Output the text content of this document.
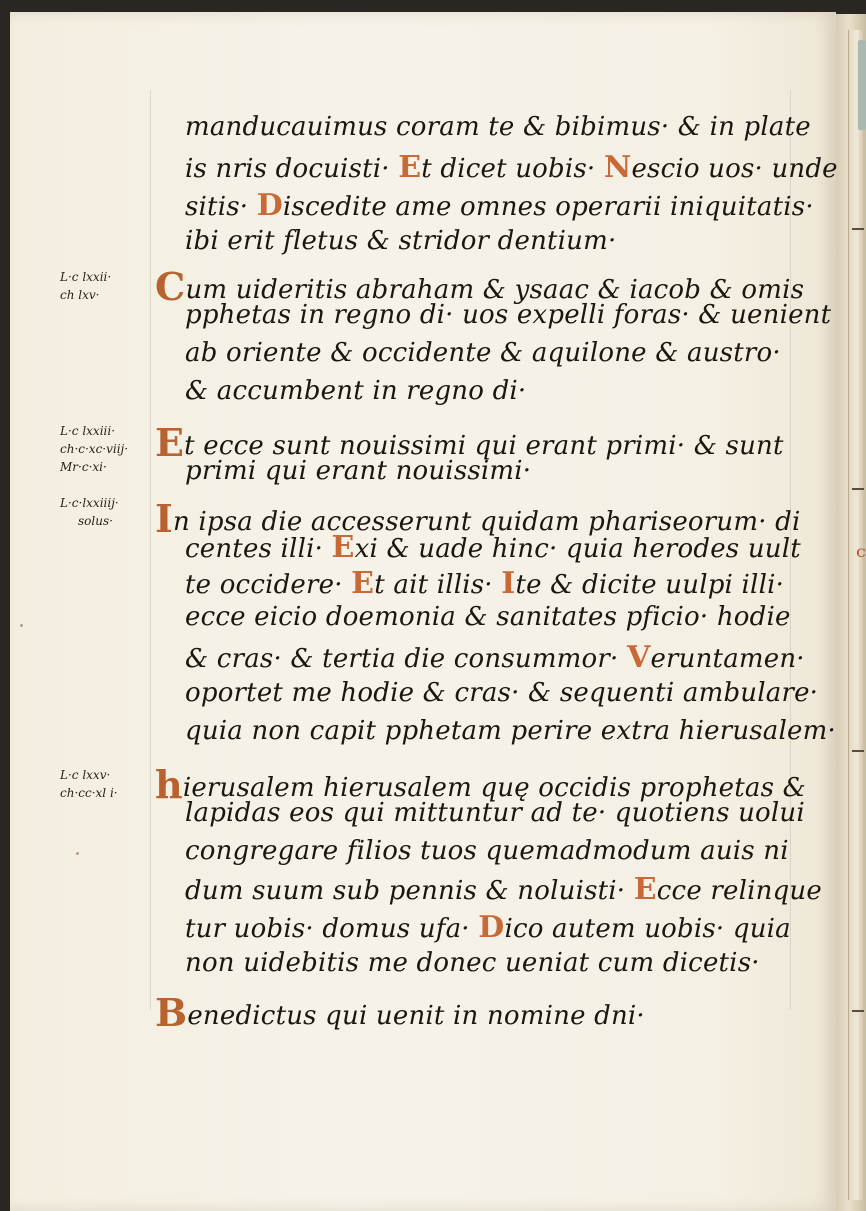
ᶜ
L·c lxxii·
ch lxv·
L·c lxxiii·
ch·c·xc·viij·
Mr·c·xi·
L·c·lxxiiij·
solus·
L·c lxxv·
ch·cc·xl i·
manducauimus coram te & bibimus· & in plate
is nris docuisti· Et dicet uobis· Nescio uos· unde
sitis· Discedite ame omnes operarii iniquitatis·
ibi erit fletus & stridor dentium·
Cum uideritis abraham & ysaac & iacob & omis
pphetas in regno di· uos expelli foras· & uenient
ab oriente & occidente & aquilone & austro·
& accumbent in regno di·
Et ecce sunt nouissimi qui erant primi· & sunt
primi qui erant nouissimi·
In ipsa die accesserunt quidam phariseorum· di
centes illi· Exi & uade hinc· quia herodes uult
te occidere· Et ait illis· Ite & dicite uulpi illi·
ecce eicio doemonia & sanitates pficio· hodie
& cras· & tertia die consummor· Veruntamen·
oportet me hodie & cras· & sequenti ambulare·
quia non capit pphetam perire extra hierusalem·
hierusalem hierusalem quę occidis prophetas &
lapidas eos qui mittuntur ad te· quotiens uolui
congregare filios tuos quemadmodum auis ni
dum suum sub pennis & noluisti· Ecce relinque
tur uobis· domus ufa· Dico autem uobis· quia
non uidebitis me donec ueniat cum dicetis·
Benedictus qui uenit in nomine dni·
